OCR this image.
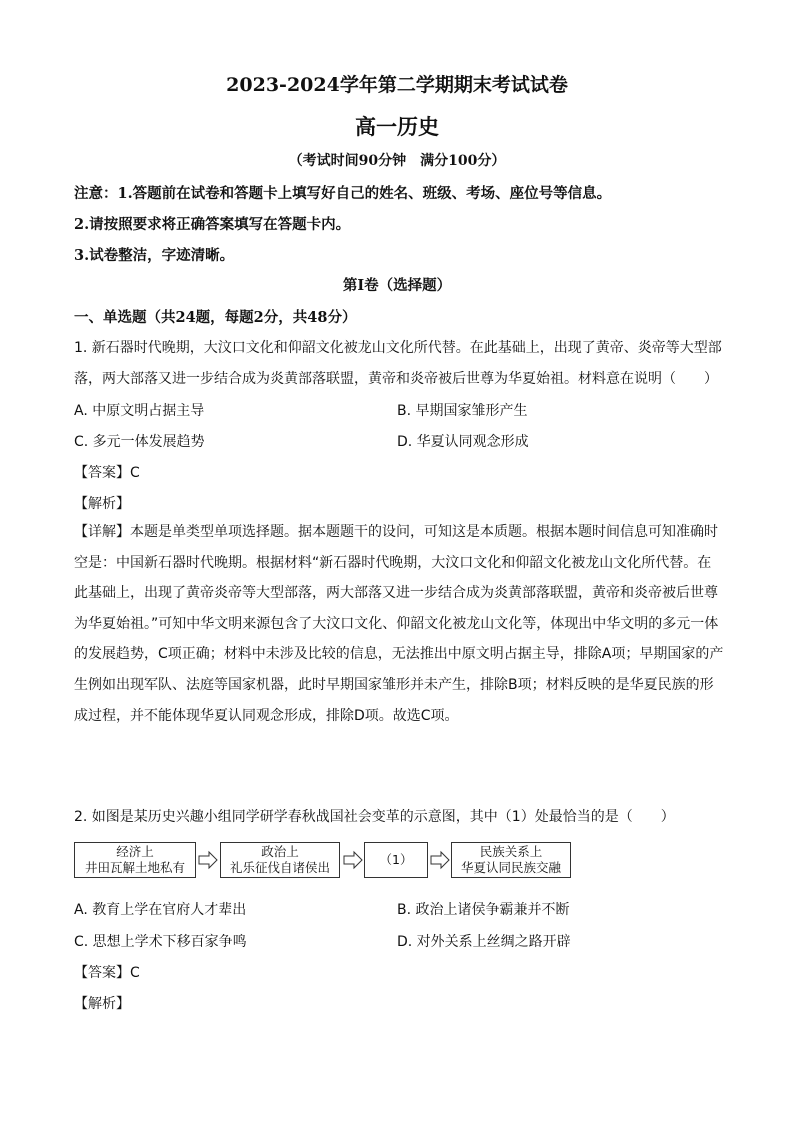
2023-2024学年第二学期期末考试试卷
高一历史
（考试时间90分钟　满分100分）
注意：1.答题前在试卷和答题卡上填写好自己的姓名、班级、考场、座位号等信息。
2.请按照要求将正确答案填写在答题卡内。
3.试卷整洁，字迹清晰。
第Ⅰ卷（选择题）
一、单选题（共24题，每题2分，共48分）
1. 新石器时代晚期，大汶口文化和仰韶文化被龙山文化所代替。在此基础上，出现了黄帝、炎帝等大型部落，两大部落又进一步结合成为炎黄部落联盟，黄帝和炎帝被后世尊为华夏始祖。材料意在说明（　　）
A. 中原文明占据主导	B. 早期国家雏形产生
C. 多元一体发展趋势	D. 华夏认同观念形成
【答案】C
【解析】
【详解】本题是单类型单项选择题。据本题题干的设问，可知这是本质题。根据本题时间信息可知准确时空是：中国新石器时代晚期。根据材料“新石器时代晚期，大汶口文化和仰韶文化被龙山文化所代替。在此基础上，出现了黄帝炎帝等大型部落，两大部落又进一步结合成为炎黄部落联盟，黄帝和炎帝被后世尊为华夏始祖。”可知中华文明来源包含了大汶口文化、仰韶文化被龙山文化等，体现出中华文明的多元一体的发展趋势，C项正确；材料中未涉及比较的信息，无法推出中原文明占据主导，排除A项；早期国家的产生例如出现军队、法庭等国家机器，此时早期国家雏形并未产生，排除B项；材料反映的是华夏民族的形成过程，并不能体现华夏认同观念形成，排除D项。故选C项。
2. 如图是某历史兴趣小组同学研学春秋战国社会变革的示意图，其中（1）处最恰当的是（　　）
经济上
井田瓦解土地私有
政治上
礼乐征伐自诸侯出
（1）
民族关系上
华夏认同民族交融
A. 教育上学在官府人才辈出	B. 政治上诸侯争霸兼并不断
C. 思想上学术下移百家争鸣	D. 对外关系上丝绸之路开辟
【答案】C
【解析】
